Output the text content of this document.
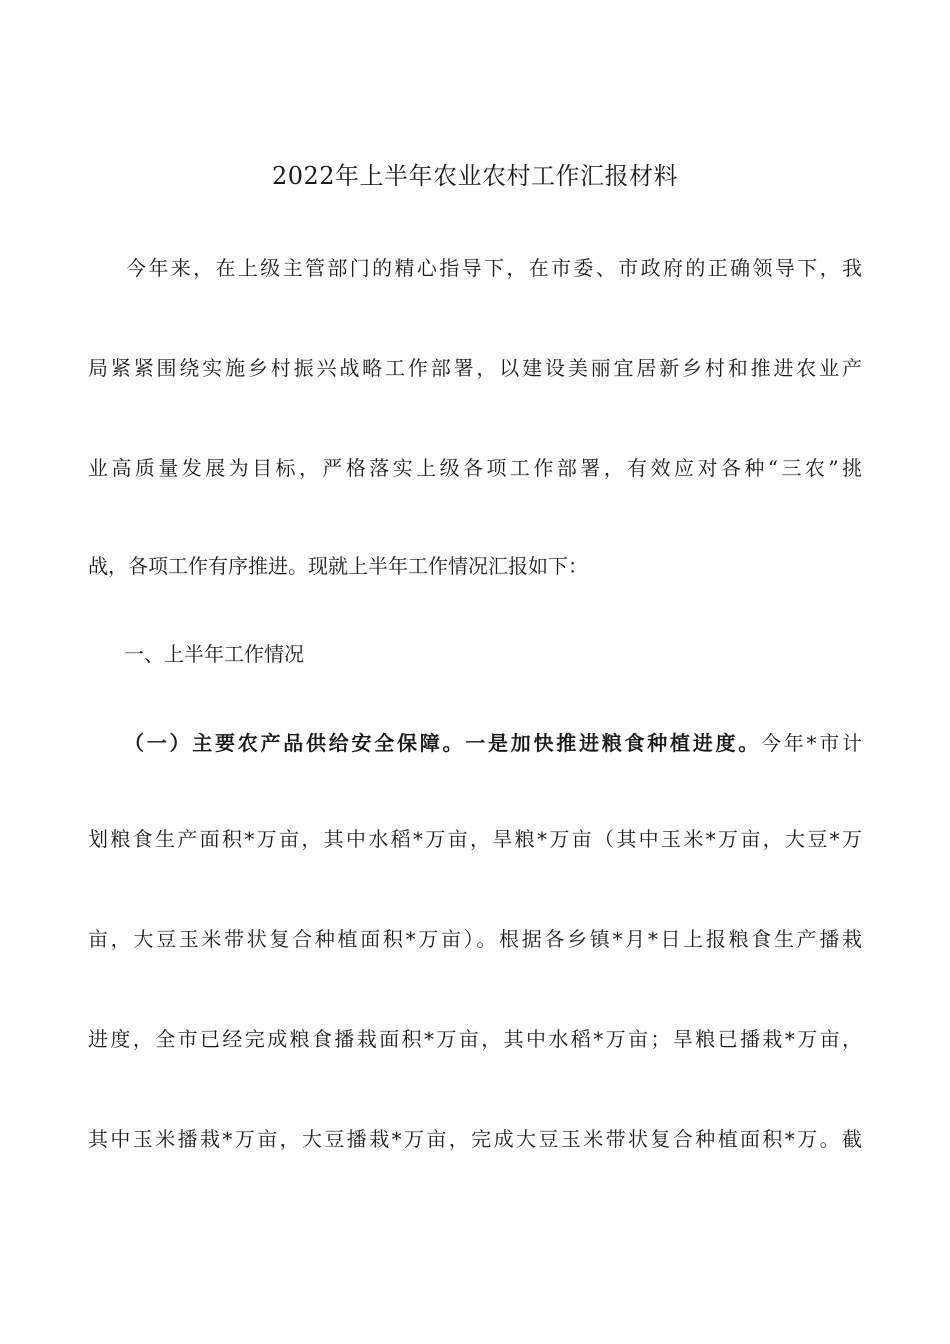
2022年上半年农业农村工作汇报材料

今年来，在上级主管部门的精心指导下，在市委、市政府的正确领导下，我

局紧紧围绕实施乡村振兴战略工作部署，以建设美丽宜居新乡村和推进农业产

业高质量发展为目标，严格落实上级各项工作部署，有效应对各种“三农”挑

战，各项工作有序推进。现就上半年工作情况汇报如下：

一、上半年工作情况

（一）主要农产品供给安全保障。一是加快推进粮食种植进度。今年*市计

划粮食生产面积*万亩，其中水稻*万亩，旱粮*万亩（其中玉米*万亩，大豆*万

亩，大豆玉米带状复合种植面积*万亩）。根据各乡镇*月*日上报粮食生产播栽

进度，全市已经完成粮食播栽面积*万亩，其中水稻*万亩；旱粮已播栽*万亩，

其中玉米播栽*万亩，大豆播栽*万亩，完成大豆玉米带状复合种植面积*万。截
